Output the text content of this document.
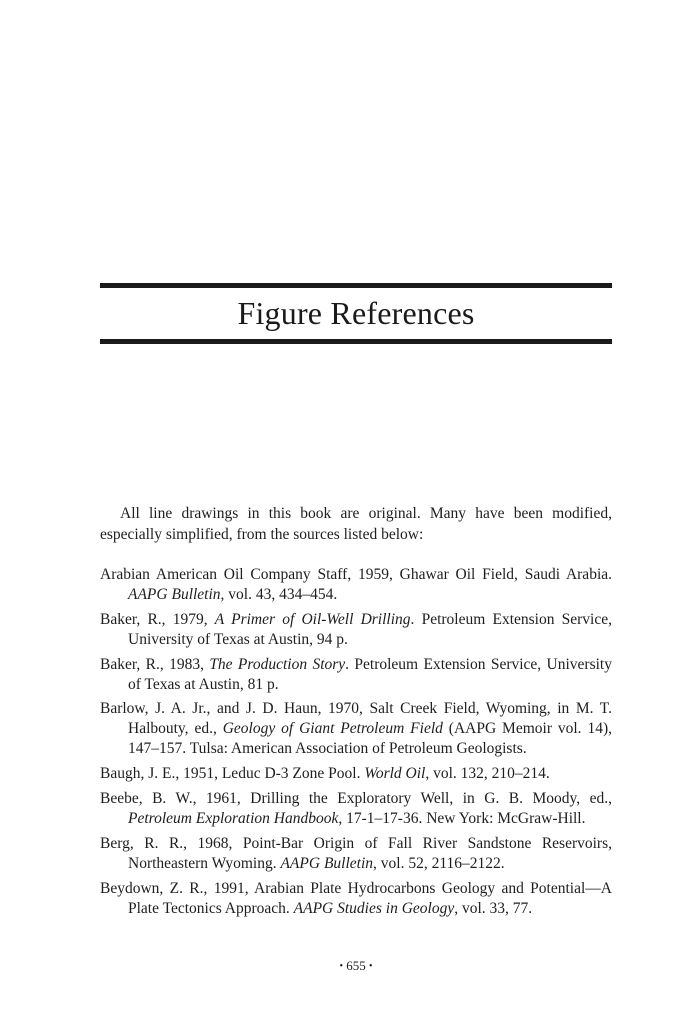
Figure References

All line drawings in this book are original. Many have been modified, especially simplified, from the sources listed below:

Arabian American Oil Company Staff, 1959, Ghawar Oil Field, Saudi Arabia. AAPG Bulletin, vol. 43, 434–454.
Baker, R., 1979, A Primer of Oil-Well Drilling. Petroleum Extension Service, University of Texas at Austin, 94 p.
Baker, R., 1983, The Production Story. Petroleum Extension Service, University of Texas at Austin, 81 p.
Barlow, J. A. Jr., and J. D. Haun, 1970, Salt Creek Field, Wyoming, in M. T. Halbouty, ed., Geology of Giant Petroleum Field (AAPG Memoir vol. 14), 147–157. Tulsa: American Association of Petroleum Geologists.
Baugh, J. E., 1951, Leduc D-3 Zone Pool. World Oil, vol. 132, 210–214.
Beebe, B. W., 1961, Drilling the Exploratory Well, in G. B. Moody, ed., Petroleum Exploration Handbook, 17-1–17-36. New York: McGraw-Hill.
Berg, R. R., 1968, Point-Bar Origin of Fall River Sandstone Reservoirs, Northeastern Wyoming. AAPG Bulletin, vol. 52, 2116–2122.
Beydown, Z. R., 1991, Arabian Plate Hydrocarbons Geology and Potential—A Plate Tectonics Approach. AAPG Studies in Geology, vol. 33, 77.
• 655 •
